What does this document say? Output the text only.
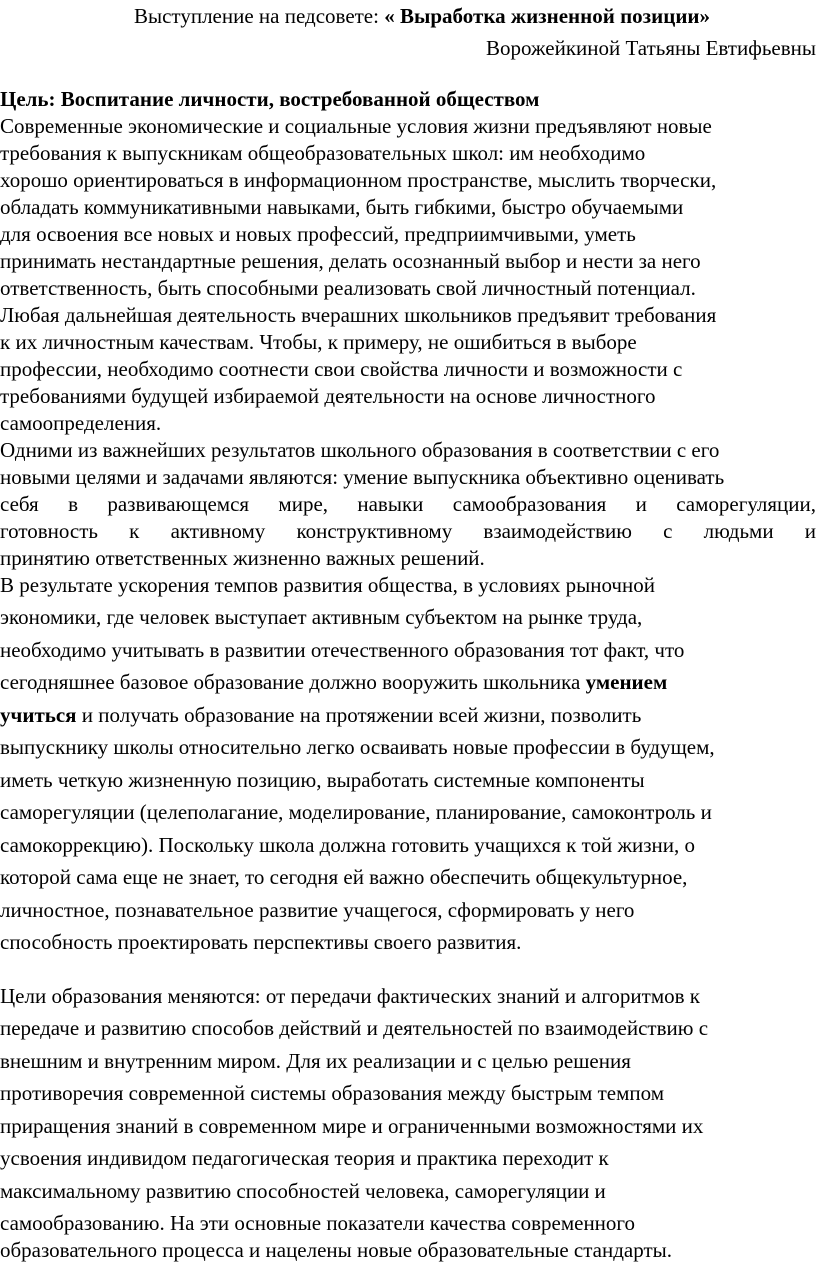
Выступление на педсовете: « Выработка жизненной позиции»
Ворожейкиной Татьяны Евтифьевны
Цель: Воспитание личности, востребованной обществом
Современные экономические и социальные условия жизни предъявляют новые
требования к выпускникам общеобразовательных школ: им необходимо
хорошо ориентироваться в информационном пространстве, мыслить творчески,
обладать коммуникативными навыками, быть гибкими, быстро обучаемыми
для освоения все новых и новых профессий, предприимчивыми, уметь
принимать нестандартные решения, делать осознанный выбор и нести за него
ответственность, быть способными реализовать свой личностный потенциал.
Любая дальнейшая деятельность вчерашних школьников предъявит требования
к их личностным качествам. Чтобы, к примеру, не ошибиться в выборе
профессии, необходимо соотнести свои свойства личности и возможности с
требованиями будущей избираемой деятельности на основе личностного
самоопределения.
Одними из важнейших результатов школьного образования в соответствии с его
новыми целями и задачами являются: умение выпускника объективно оценивать
себя в развивающемся мире, навыки самообразования и саморегуляции,
готовность к активному конструктивному взаимодействию с людьми и
принятию ответственных жизненно важных решений.
В результате ускорения темпов развития общества, в условиях рыночной
экономики, где человек выступает активным субъектом на рынке труда,
необходимо учитывать в развитии отечественного образования тот факт, что
сегодняшнее базовое образование должно вооружить школьника умением
учиться и получать образование на протяжении всей жизни, позволить
выпускнику школы относительно легко осваивать новые профессии в будущем,
иметь четкую жизненную позицию, выработать системные компоненты
саморегуляции (целеполагание, моделирование, планирование, самоконтроль и
самокоррекцию). Поскольку школа должна готовить учащихся к той жизни, о
которой сама еще не знает, то сегодня ей важно обеспечить общекультурное,
личностное, познавательное развитие учащегося, сформировать у него
способность проектировать перспективы своего развития.
Цели образования меняются: от передачи фактических знаний и алгоритмов к
передаче и развитию способов действий и деятельностей по взаимодействию с
внешним и внутренним миром. Для их реализации и с целью решения
противоречия современной системы образования между быстрым темпом
приращения знаний в современном мире и ограниченными возможностями их
усвоения индивидом педагогическая теория и практика переходит к
максимальному развитию способностей человека, саморегуляции и
самообразованию. На эти основные показатели качества современного
образовательного процесса и нацелены новые образовательные стандарты.
